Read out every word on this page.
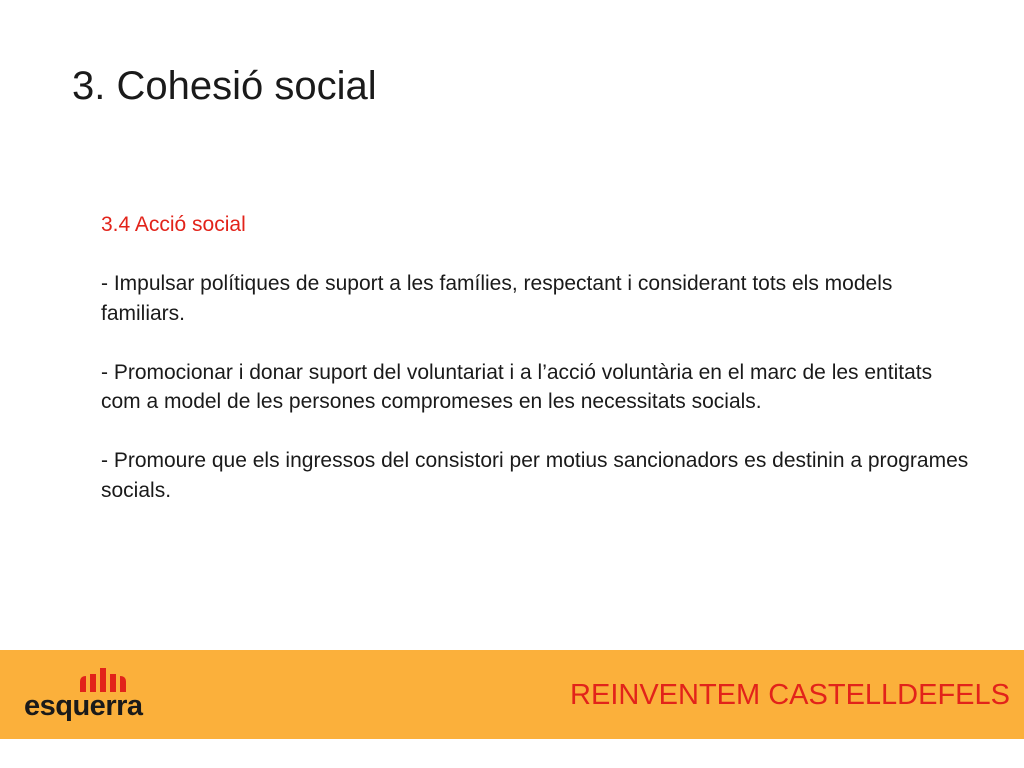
3. Cohesió social

3.4 Acció social

- Impulsar polítiques de suport a les famílies, respectant i considerant tots els models familiars.

- Promocionar i donar suport del voluntariat i a l’acció voluntària en el marc de les entitats com a model de les persones compromeses en les necessitats socials.

- Promoure que els ingressos del consistori per motius sancionadors es destinin a programes socials.

esquerra	REINVENTEM CASTELLDEFELS
